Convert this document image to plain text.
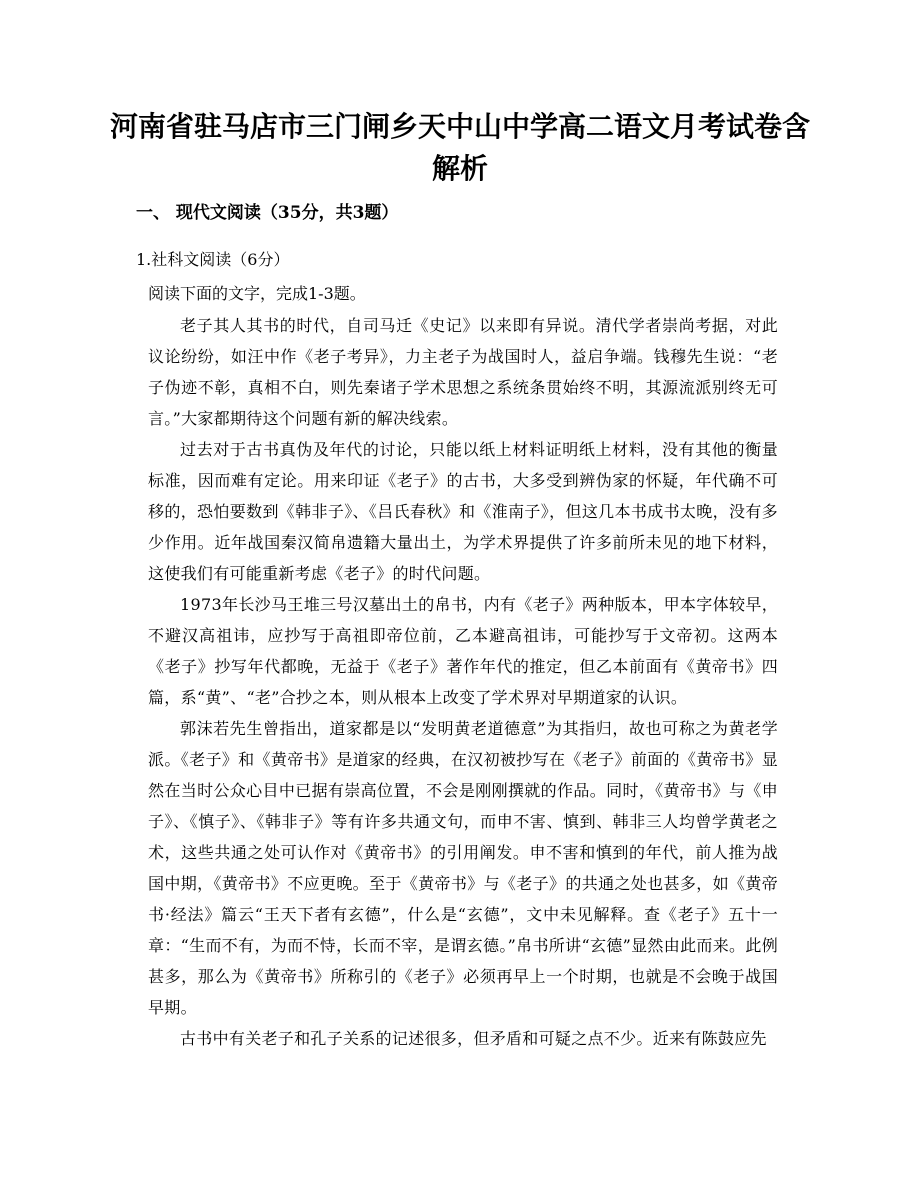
河南省驻马店市三门闸乡天中山中学高二语文月考试卷含解析
一、 现代文阅读（35分，共3题）

1.社科文阅读（6分）

阅读下面的文字，完成1-3题。

老子其人其书的时代，自司马迁《史记》以来即有异说。清代学者崇尚考据，对此议论纷纷，如汪中作《老子考异》，力主老子为战国时人，益启争端。钱穆先生说：“老子伪迹不彰，真相不白，则先秦诸子学术思想之系统条贯始终不明，其源流派别终无可言。”大家都期待这个问题有新的解决线索。

过去对于古书真伪及年代的讨论，只能以纸上材料证明纸上材料，没有其他的衡量标准，因而难有定论。用来印证《老子》的古书，大多受到辨伪家的怀疑，年代确不可移的，恐怕要数到《韩非子》、《吕氏春秋》和《淮南子》，但这几本书成书太晚，没有多少作用。近年战国秦汉简帛遗籍大量出土，为学术界提供了许多前所未见的地下材料，这使我们有可能重新考虑《老子》的时代问题。

1973年长沙马王堆三号汉墓出土的帛书，内有《老子》两种版本，甲本字体较早，不避汉高祖讳，应抄写于高祖即帝位前，乙本避高祖讳，可能抄写于文帝初。这两本《老子》抄写年代都晚，无益于《老子》著作年代的推定，但乙本前面有《黄帝书》四篇，系“黄”、“老”合抄之本，则从根本上改变了学术界对早期道家的认识。

郭沫若先生曾指出，道家都是以“发明黄老道德意”为其指归，故也可称之为黄老学派。《老子》和《黄帝书》是道家的经典，在汉初被抄写在《老子》前面的《黄帝书》显然在当时公众心目中已据有崇高位置，不会是刚刚撰就的作品。同时，《黄帝书》与《申子》、《慎子》、《韩非子》等有许多共通文句，而申不害、慎到、韩非三人均曾学黄老之术，这些共通之处可认作对《黄帝书》的引用阐发。申不害和慎到的年代，前人推为战国中期，《黄帝书》不应更晚。至于《黄帝书》与《老子》的共通之处也甚多，如《黄帝书·经法》篇云“王天下者有玄德”，什么是“玄德”，文中未见解释。查《老子》五十一章：“生而不有，为而不恃，长而不宰，是谓玄德。”帛书所讲“玄德”显然由此而来。此例甚多，那么为《黄帝书》所称引的《老子》必须再早上一个时期，也就是不会晚于战国早期。

古书中有关老子和孔子关系的记述很多，但矛盾和可疑之点不少。近来有陈鼓应先
